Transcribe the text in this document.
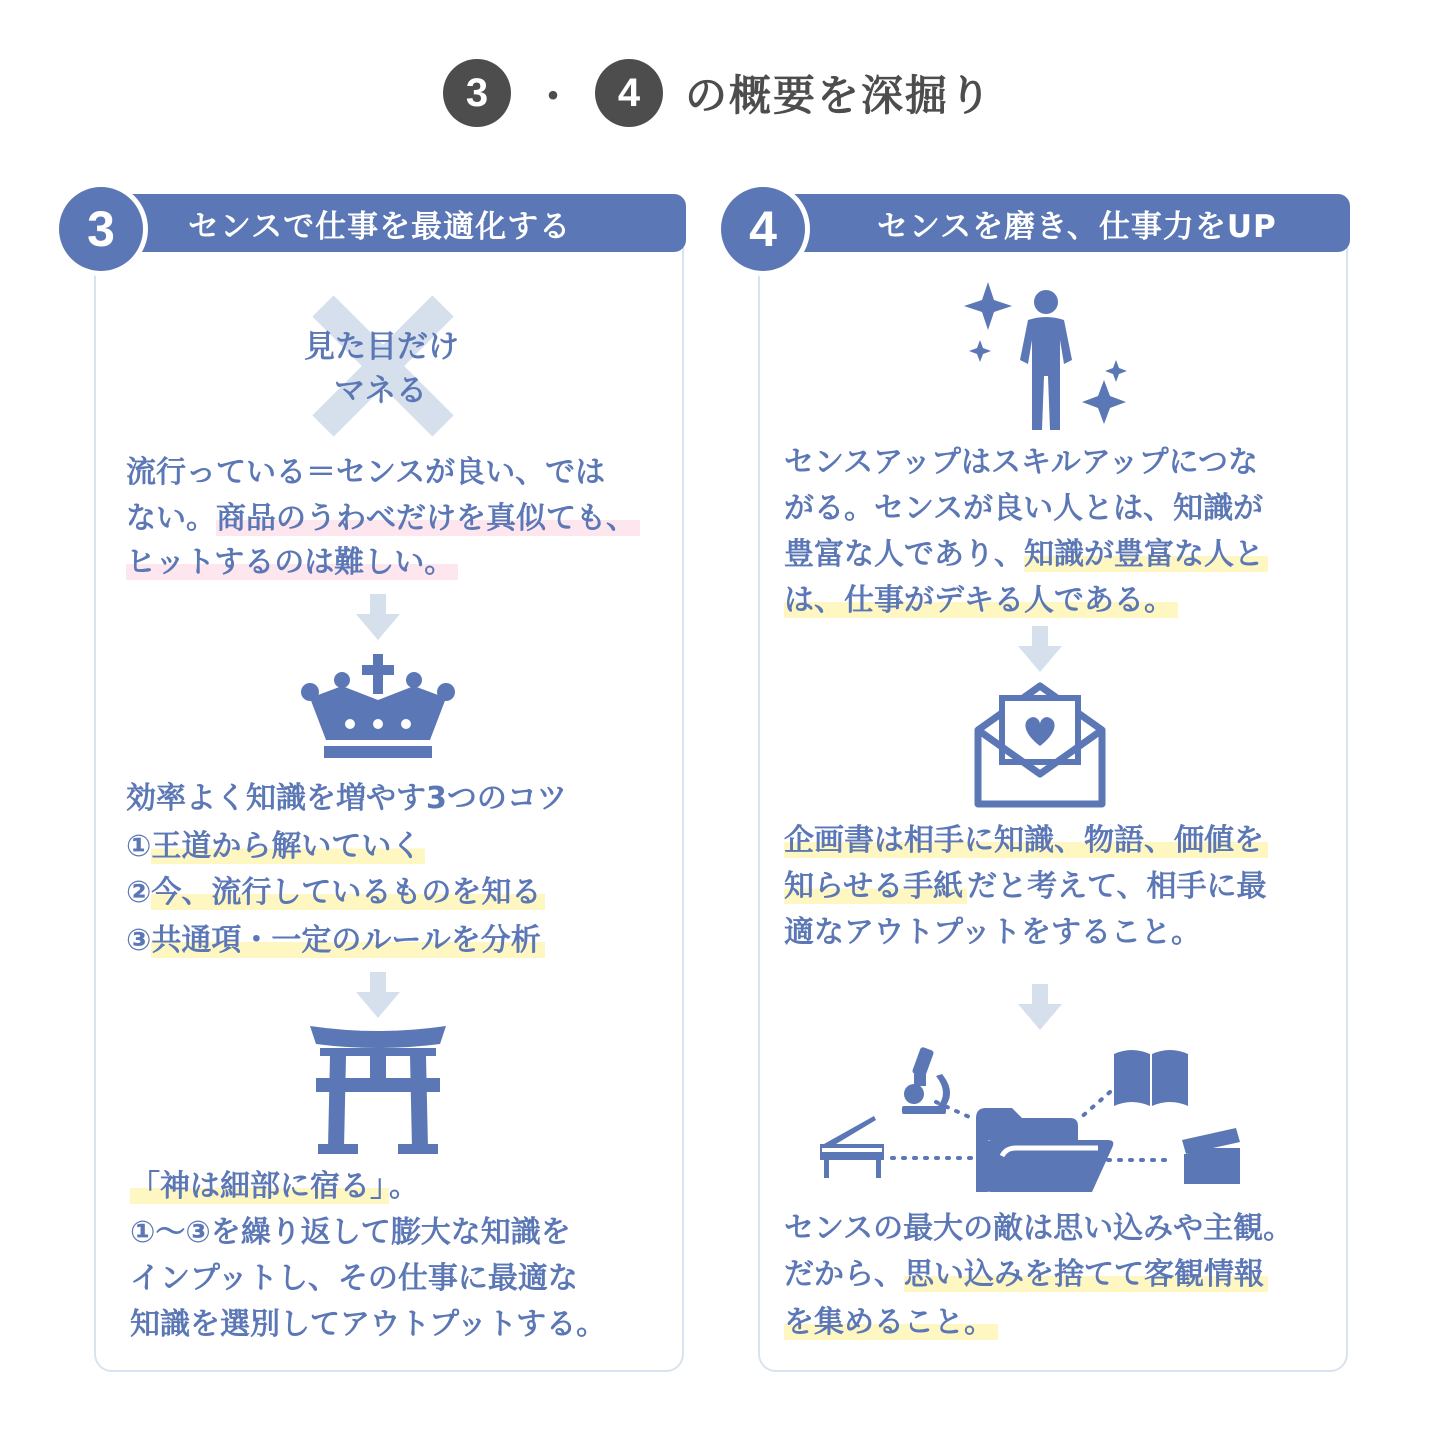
3	・	4	の概要を深掘り
センスで仕事を最適化する	センスを磨き、仕事力をUP
3	4
見た目だけ
マネる
流行っている＝センスが良い、では
ない。商品のうわべだけを真似ても、
ヒットするのは難しい。
効率よく知識を増やす3つのコツ
①王道から解いていく
②今、流行しているものを知る
③共通項・一定のルールを分析
「神は細部に宿る」 。
①〜③を繰り返して膨大な知識を
インプットし、その仕事に最適な
知識を選別してアウトプットする。
センスアップはスキルアップにつな
がる。センスが良い人とは、知識が
豊富な人であり、知識が豊富な人と
は、仕事がデキる人である。
企画書は相手に知識、物語、価値を
知らせる手紙 だと考えて、相手に最
適なアウトプットをすること。
センスの最大の敵は思い込みや主観。
だから、思い込みを捨てて客観情報
を集めること。
